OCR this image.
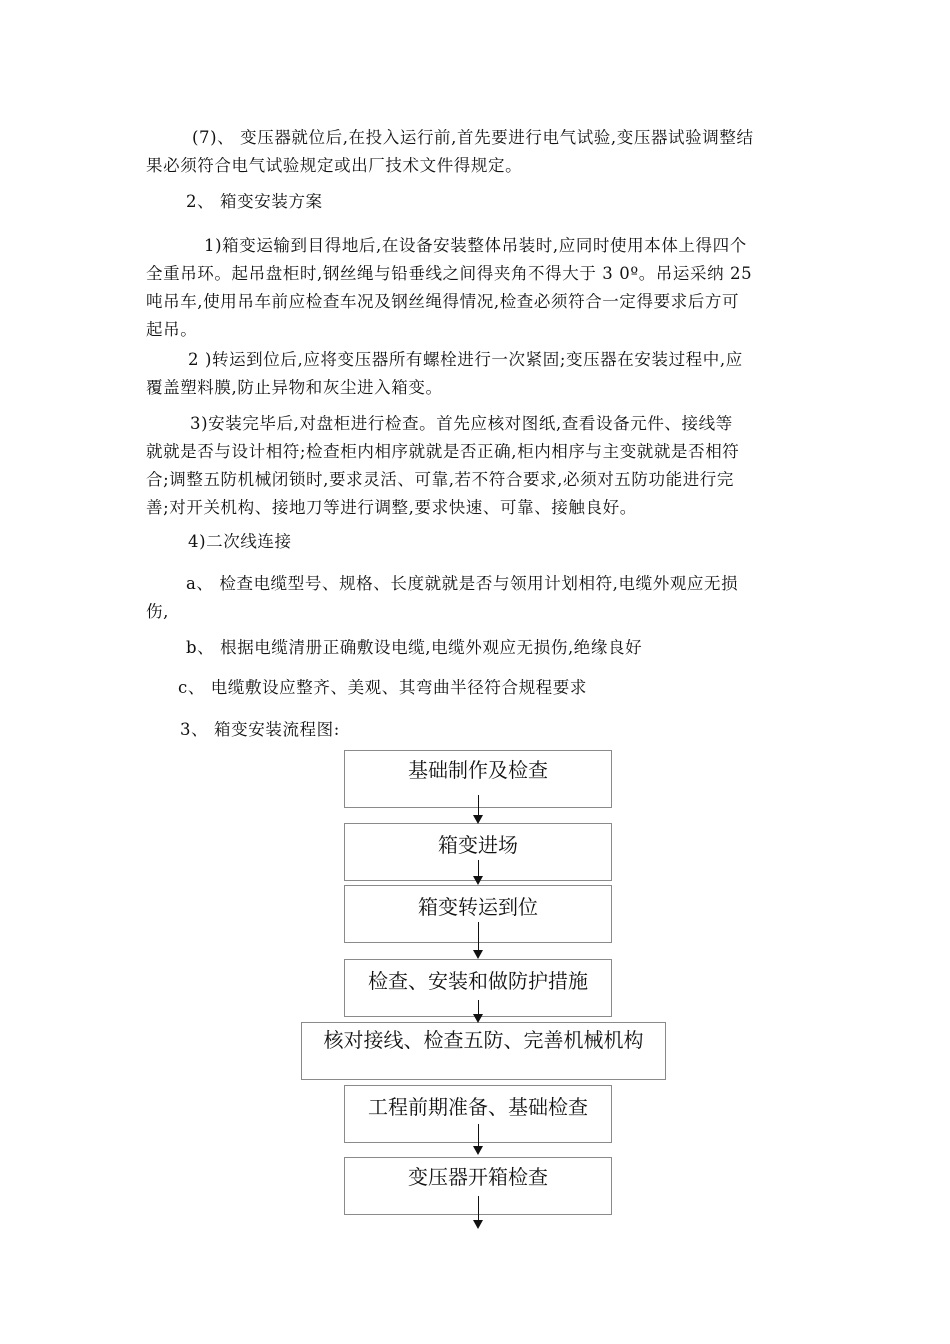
(7)、 变压器就位后,在投入运行前,首先要进行电气试验,变压器试验调整结
果必须符合电气试验规定或出厂技术文件得规定。

2、 箱变安装方案

1)箱变运输到目得地后,在设备安装整体吊装时,应同时使用本体上得四个
全重吊环。起吊盘柜时,钢丝绳与铅垂线之间得夹角不得大于 3 0º。吊运采纳 25
吨吊车,使用吊车前应检查车况及钢丝绳得情况,检查必须符合一定得要求后方可
起吊。

2 )转运到位后,应将变压器所有螺栓进行一次紧固;变压器在安装过程中,应
覆盖塑料膜,防止异物和灰尘进入箱变。

3)安装完毕后,对盘柜进行检查。首先应核对图纸,查看设备元件、接线等
就就是否与设计相符;检查柜内相序就就是否正确,柜内相序与主变就就是否相符
合;调整五防机械闭锁时,要求灵活、可靠,若不符合要求,必须对五防功能进行完
善;对开关机构、接地刀等进行调整,要求快速、可靠、接触良好。

4)二次线连接

a、 检查电缆型号、规格、长度就就是否与领用计划相符,电缆外观应无损
伤,

b、 根据电缆清册正确敷设电缆,电缆外观应无损伤,绝缘良好

c、 电缆敷设应整齐、美观、其弯曲半径符合规程要求

3、 箱变安装流程图:

基础制作及检查
箱变进场
箱变转运到位
检查、安装和做防护措施
核对接线、检查五防、完善机械机构
工程前期准备、基础检查
变压器开箱检查
